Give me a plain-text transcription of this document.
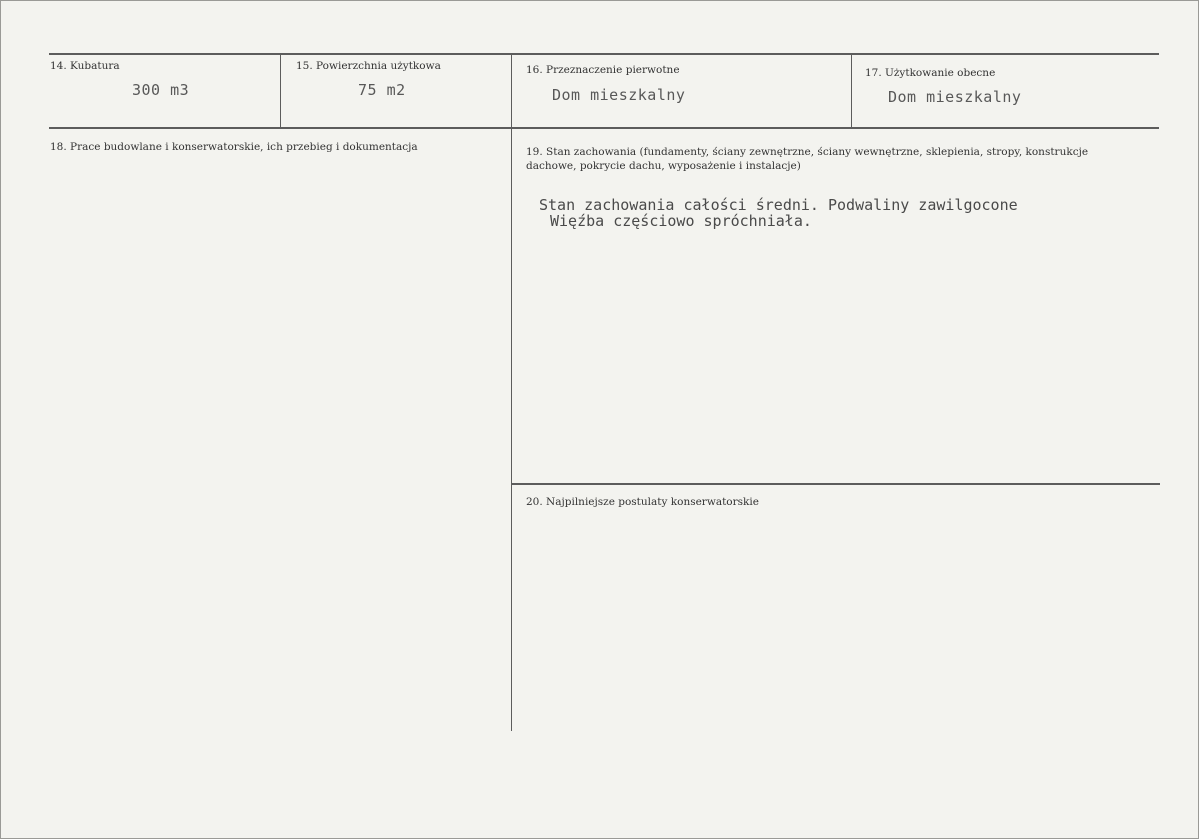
14. Kubatura
300 m3
15. Powierzchnia użytkowa
75 m2
16. Przeznaczenie pierwotne
Dom mieszkalny
17. Użytkowanie obecne
Dom mieszkalny
18. Prace budowlane i konserwatorskie, ich przebieg i dokumentacja	19. Stan zachowania (fundamenty, ściany zewnętrzne, ściany wewnętrzne, sklepienia, stropy, konstrukcje
dachowe, pokrycie dachu, wyposażenie i instalacje)
Stan zachowania całości średni. Podwaliny zawilgocone
Więźba częściowo spróchniała.
20. Najpilniejsze postulaty konserwatorskie
